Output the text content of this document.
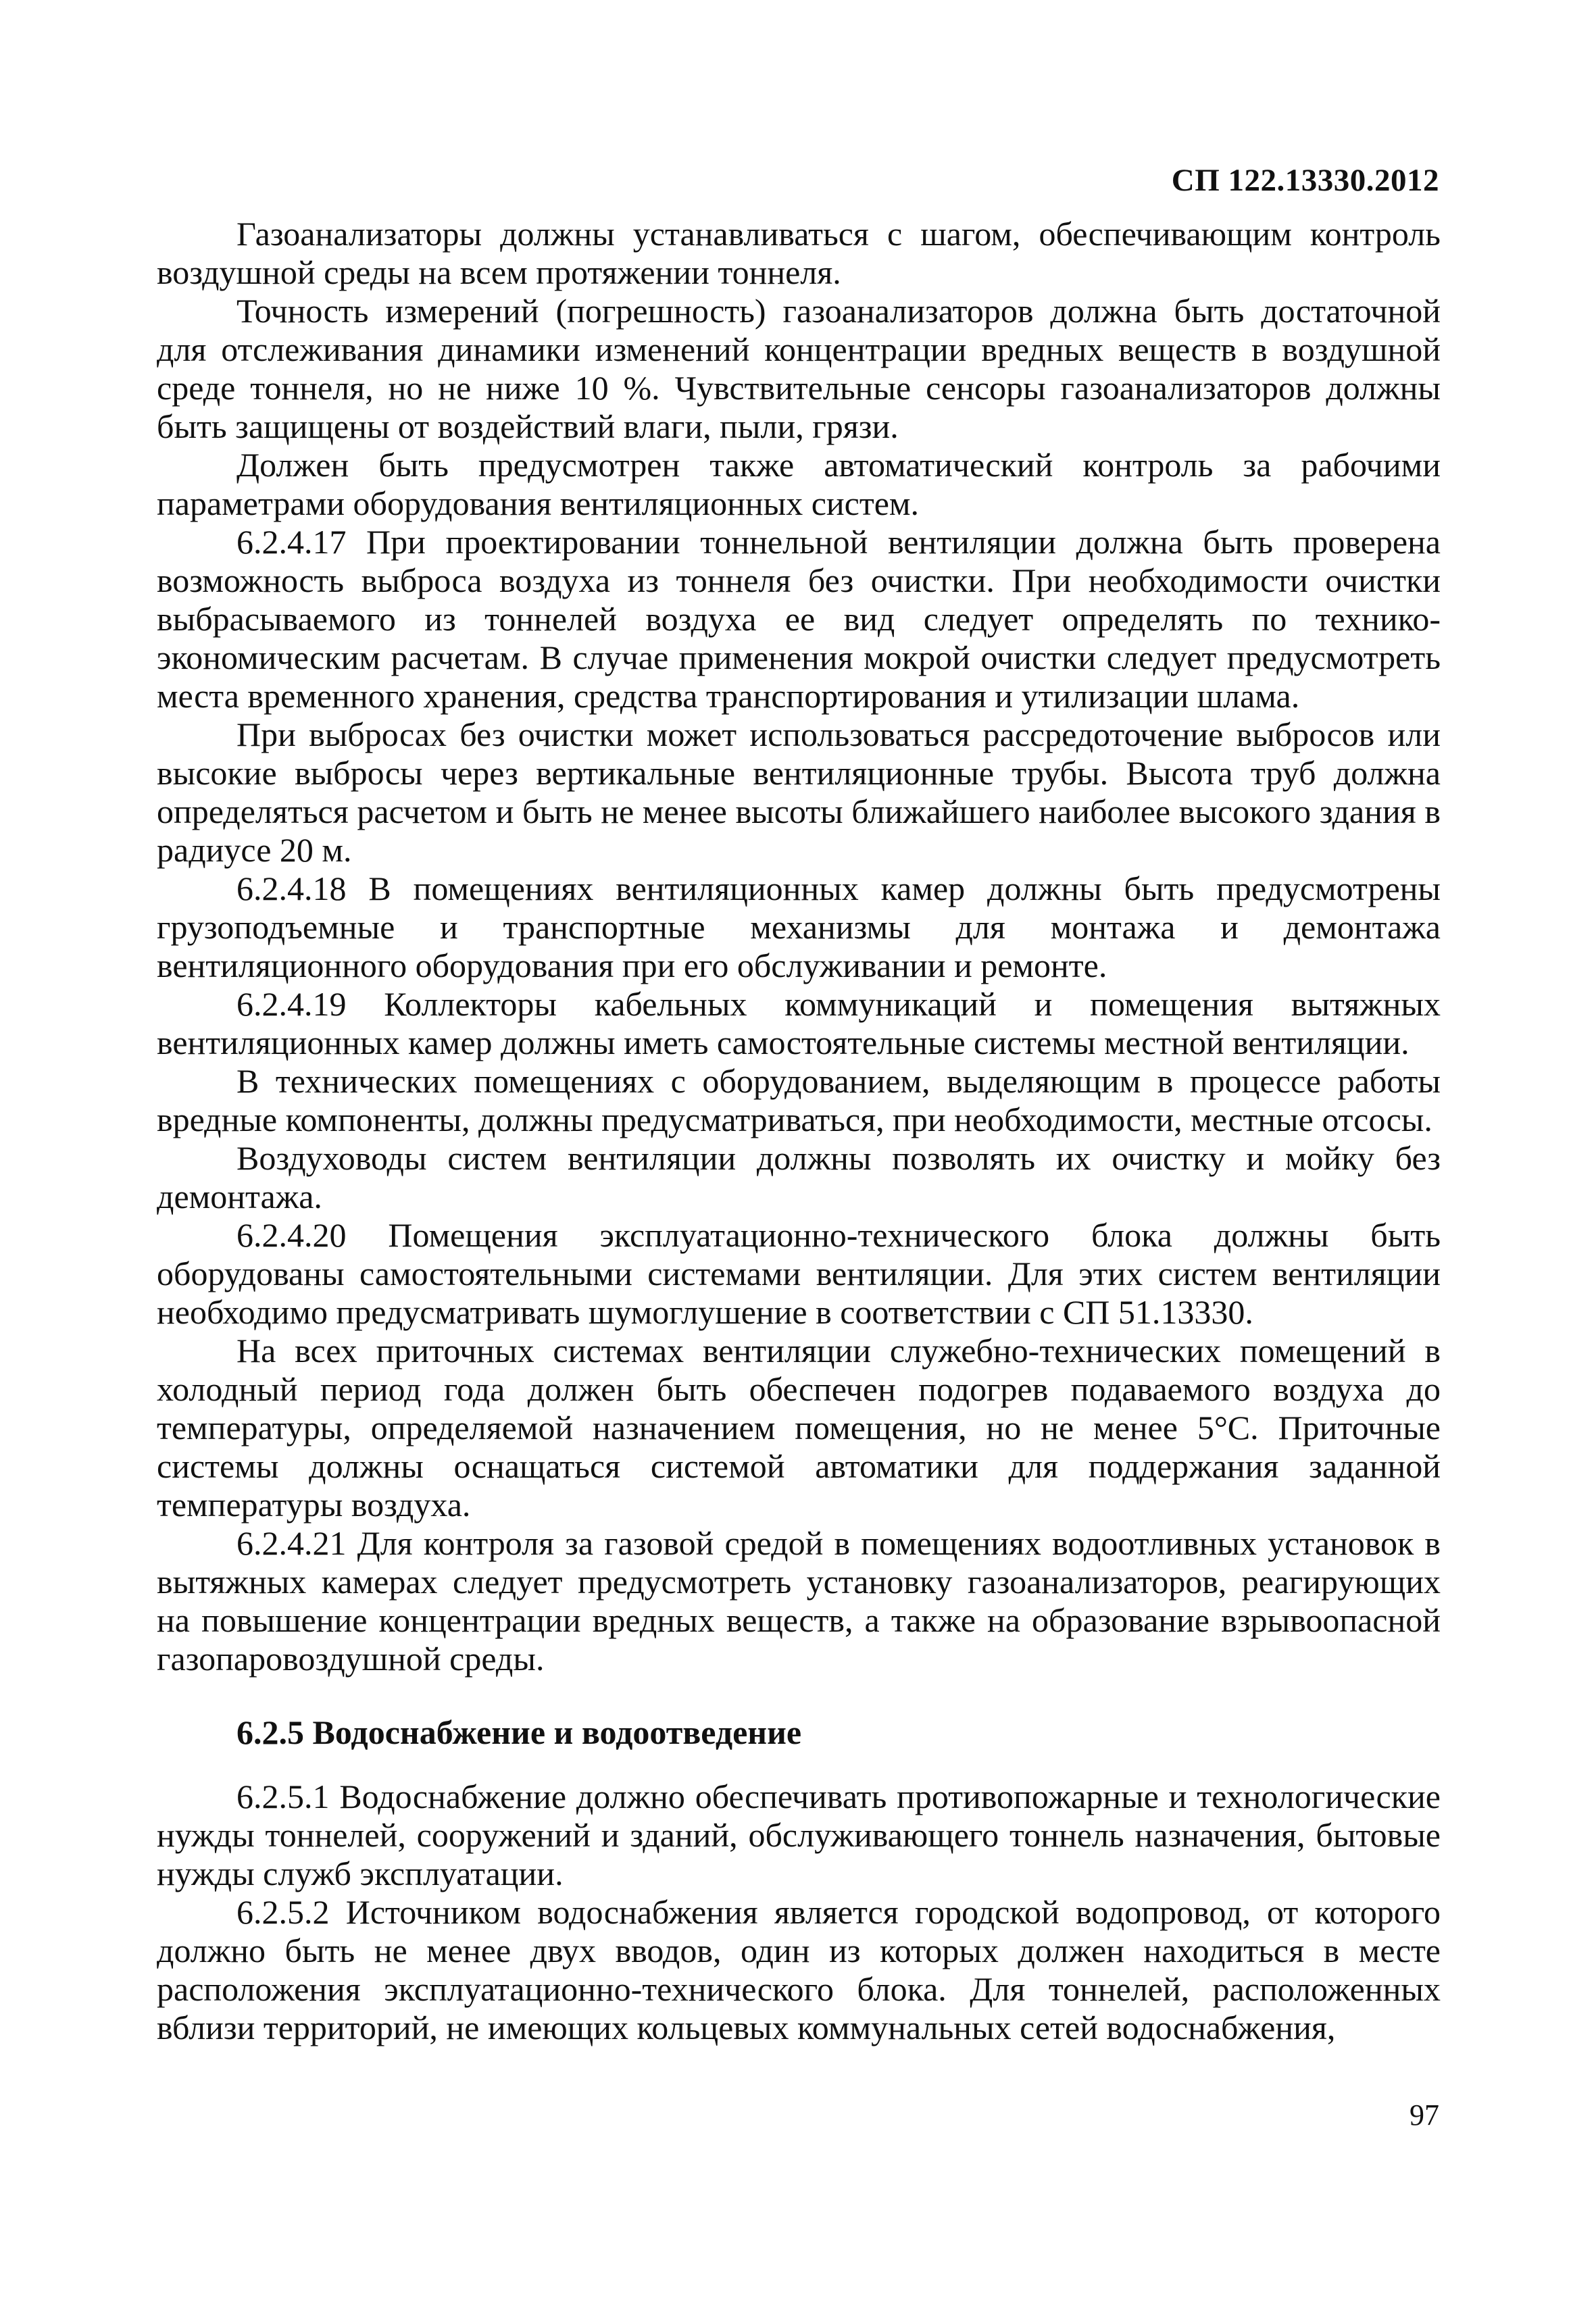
СП 122.13330.2012

Газоанализаторы должны устанавливаться с шагом, обеспечивающим контроль воздушной среды на всем протяжении тоннеля.

Точность измерений (погрешность) газоанализаторов должна быть достаточной для отслеживания динамики изменений концентрации вредных веществ в воздушной среде тоннеля, но не ниже 10 %. Чувствительные сенсоры газоанализаторов должны быть защищены от воздействий влаги, пыли, грязи.

Должен быть предусмотрен также автоматический контроль за рабочими параметрами оборудования вентиляционных систем.

6.2.4.17 При проектировании тоннельной вентиляции должна быть проверена возможность выброса воздуха из тоннеля без очистки. При необходимости очистки выбрасываемого из тоннелей воздуха ее вид следует определять по технико-экономическим расчетам. В случае применения мокрой очистки следует предусмотреть места временного хранения, средства транспортирования и утилизации шлама.

При выбросах без очистки может использоваться рассредоточение выбросов или высокие выбросы через вертикальные вентиляционные трубы. Высота труб должна определяться расчетом и быть не менее высоты ближайшего наиболее высокого здания в радиусе 20 м.

6.2.4.18 В помещениях вентиляционных камер должны быть предусмотрены грузоподъемные и транспортные механизмы для монтажа и демонтажа вентиляционного оборудования при его обслуживании и ремонте.

6.2.4.19 Коллекторы кабельных коммуникаций и помещения вытяжных вентиляционных камер должны иметь самостоятельные системы местной вентиляции.

В технических помещениях с оборудованием, выделяющим в процессе работы вредные компоненты, должны предусматриваться, при необходимости, местные отсосы.

Воздуховоды систем вентиляции должны позволять их очистку и мойку без демонтажа.

6.2.4.20 Помещения эксплуатационно-технического блока должны быть оборудованы самостоятельными системами вентиляции. Для этих систем вентиляции необходимо предусматривать шумоглушение в соответствии с СП 51.13330.

На всех приточных системах вентиляции служебно-технических помещений в холодный период года должен быть обеспечен подогрев подаваемого воздуха до температуры, определяемой назначением помещения, но не менее 5°С. Приточные системы должны оснащаться системой автоматики для поддержания заданной температуры воздуха.

6.2.4.21 Для контроля за газовой средой в помещениях водоотливных установок в вытяжных камерах следует предусмотреть установку газоанализаторов, реагирующих на повышение концентрации вредных веществ, а также на образование взрывоопасной газопаровоздушной среды.

6.2.5 Водоснабжение и водоотведение

6.2.5.1 Водоснабжение должно обеспечивать противопожарные и технологические нужды тоннелей, сооружений и зданий, обслуживающего тоннель назначения, бытовые нужды служб эксплуатации.

6.2.5.2 Источником водоснабжения является городской водопровод, от которого должно быть не менее двух вводов, один из которых должен находиться в месте расположения эксплуатационно-технического блока. Для тоннелей, расположенных вблизи территорий, не имеющих кольцевых коммунальных сетей водоснабжения,

97
